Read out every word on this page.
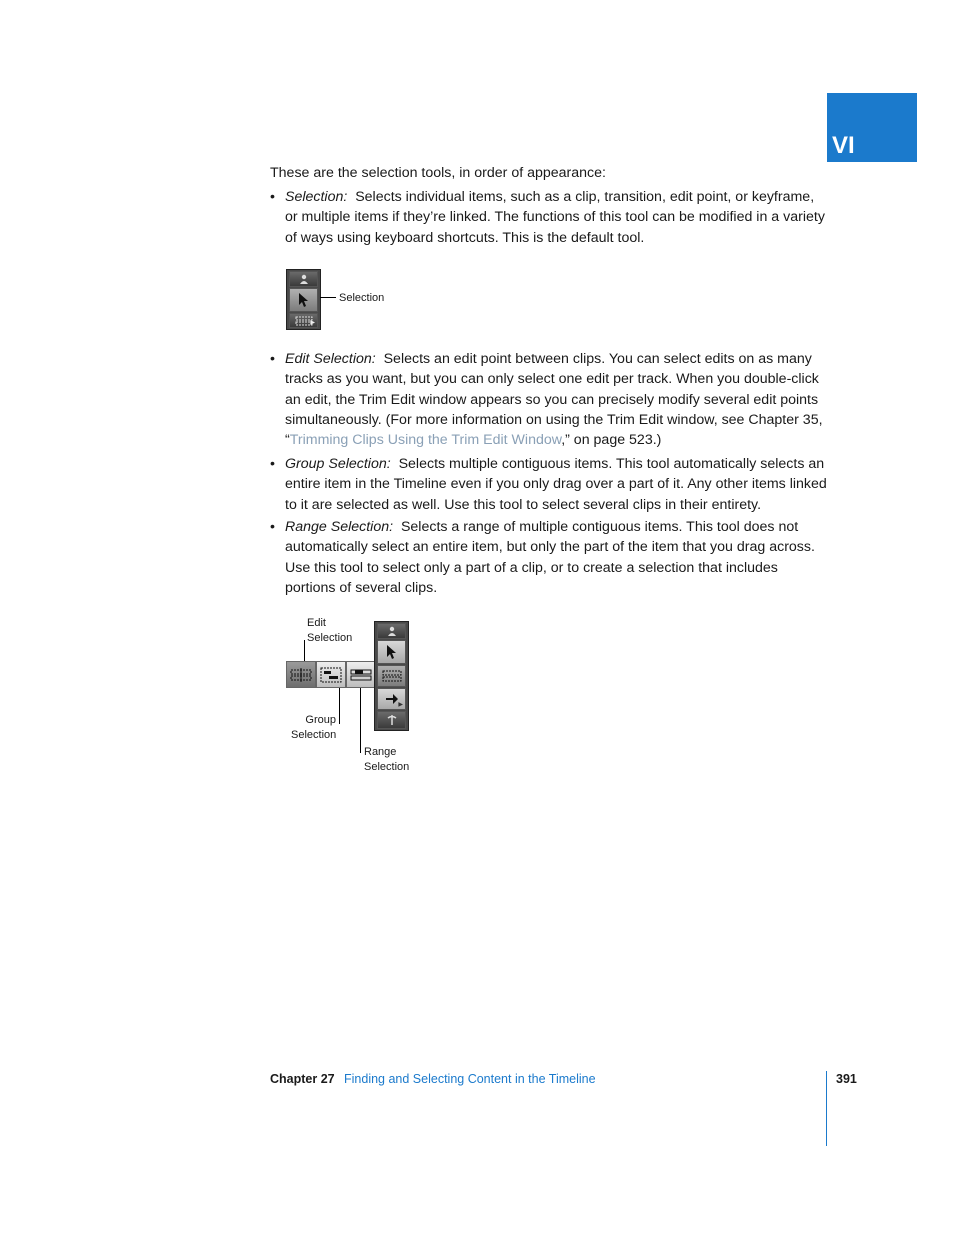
VI
These are the selection tools, in order of appearance:
• Selection: Selects individual items, such as a clip, transition, edit point, or keyframe, or multiple items if they’re linked. The functions of this tool can be modified in a variety of ways using keyboard shortcuts. This is the default tool.
▶
Selection
• Edit Selection: Selects an edit point between clips. You can select edits on as many tracks as you want, but you can only select one edit per track. When you double-click an edit, the Trim Edit window appears so you can precisely modify several edit points simultaneously. (For more information on using the Trim Edit window, see Chapter 35, “Trimming Clips Using the Trim Edit Window,” on page 523.)
• Group Selection: Selects multiple contiguous items. This tool automatically selects an entire item in the Timeline even if you only drag over a part of it. Any other items linked to it are selected as well. Use this tool to select several clips in their entirety.
• Range Selection: Selects a range of multiple contiguous items. This tool does not automatically select an entire item, but only the part of the item that you drag across. Use this tool to select only a part of a clip, or to create a selection that includes portions of several clips.
Edit
Selection
▶
Group
Selection
Range
Selection
Chapter 27 Finding and Selecting Content in the Timeline	391
